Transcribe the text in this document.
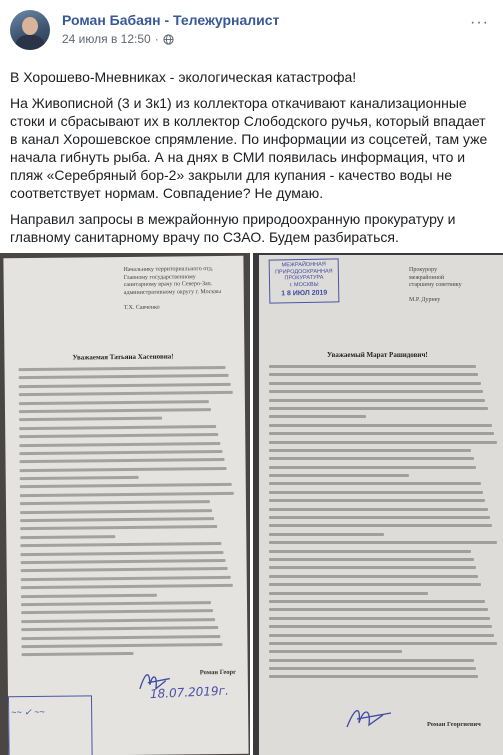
Роман Бабаян - Тележурналист
24 июля в 12:50 ·
···

В Хорошево-Мневниках - экологическая катастрофа!

На Живописной (3 и 3к1) из коллектора откачивают канализационные стоки и сбрасывают их в коллектор Слободского ручья, который впадает в канал Хорошевское спрямление. По информации из соцсетей, там уже начала гибнуть рыба. А на днях в СМИ появилась информация, что и пляж «Серебряный бор-2» закрыли для купания - качество воды не соответствует нормам. Совпадение? Не думаю.

Направил запросы в межрайонную природоохранную прокуратуру и главному санитарному врачу по СЗАО. Будем разбираться.

Начальнику территориального отд.
Главному государственному
санитарному врачу по Северо-Зап.
административному округу г. Москвы

Т.Х. Савченко
Уважаемая Татьяна Хасеновна!
Роман Георг
18.07.2019г.
~~ ✓ ~~
МЕЖРАЙОННАЯ
ПРИРОДООХРАННАЯ
ПРОКУРАТУРА
г. МОСКВЫ
1 8 ИЮЛ 2019
Прокурору
межрайонной
старшему советнику

М.Р. Дурнеу
Уважаемый Марат Рашидович!
Роман Георгиевич
